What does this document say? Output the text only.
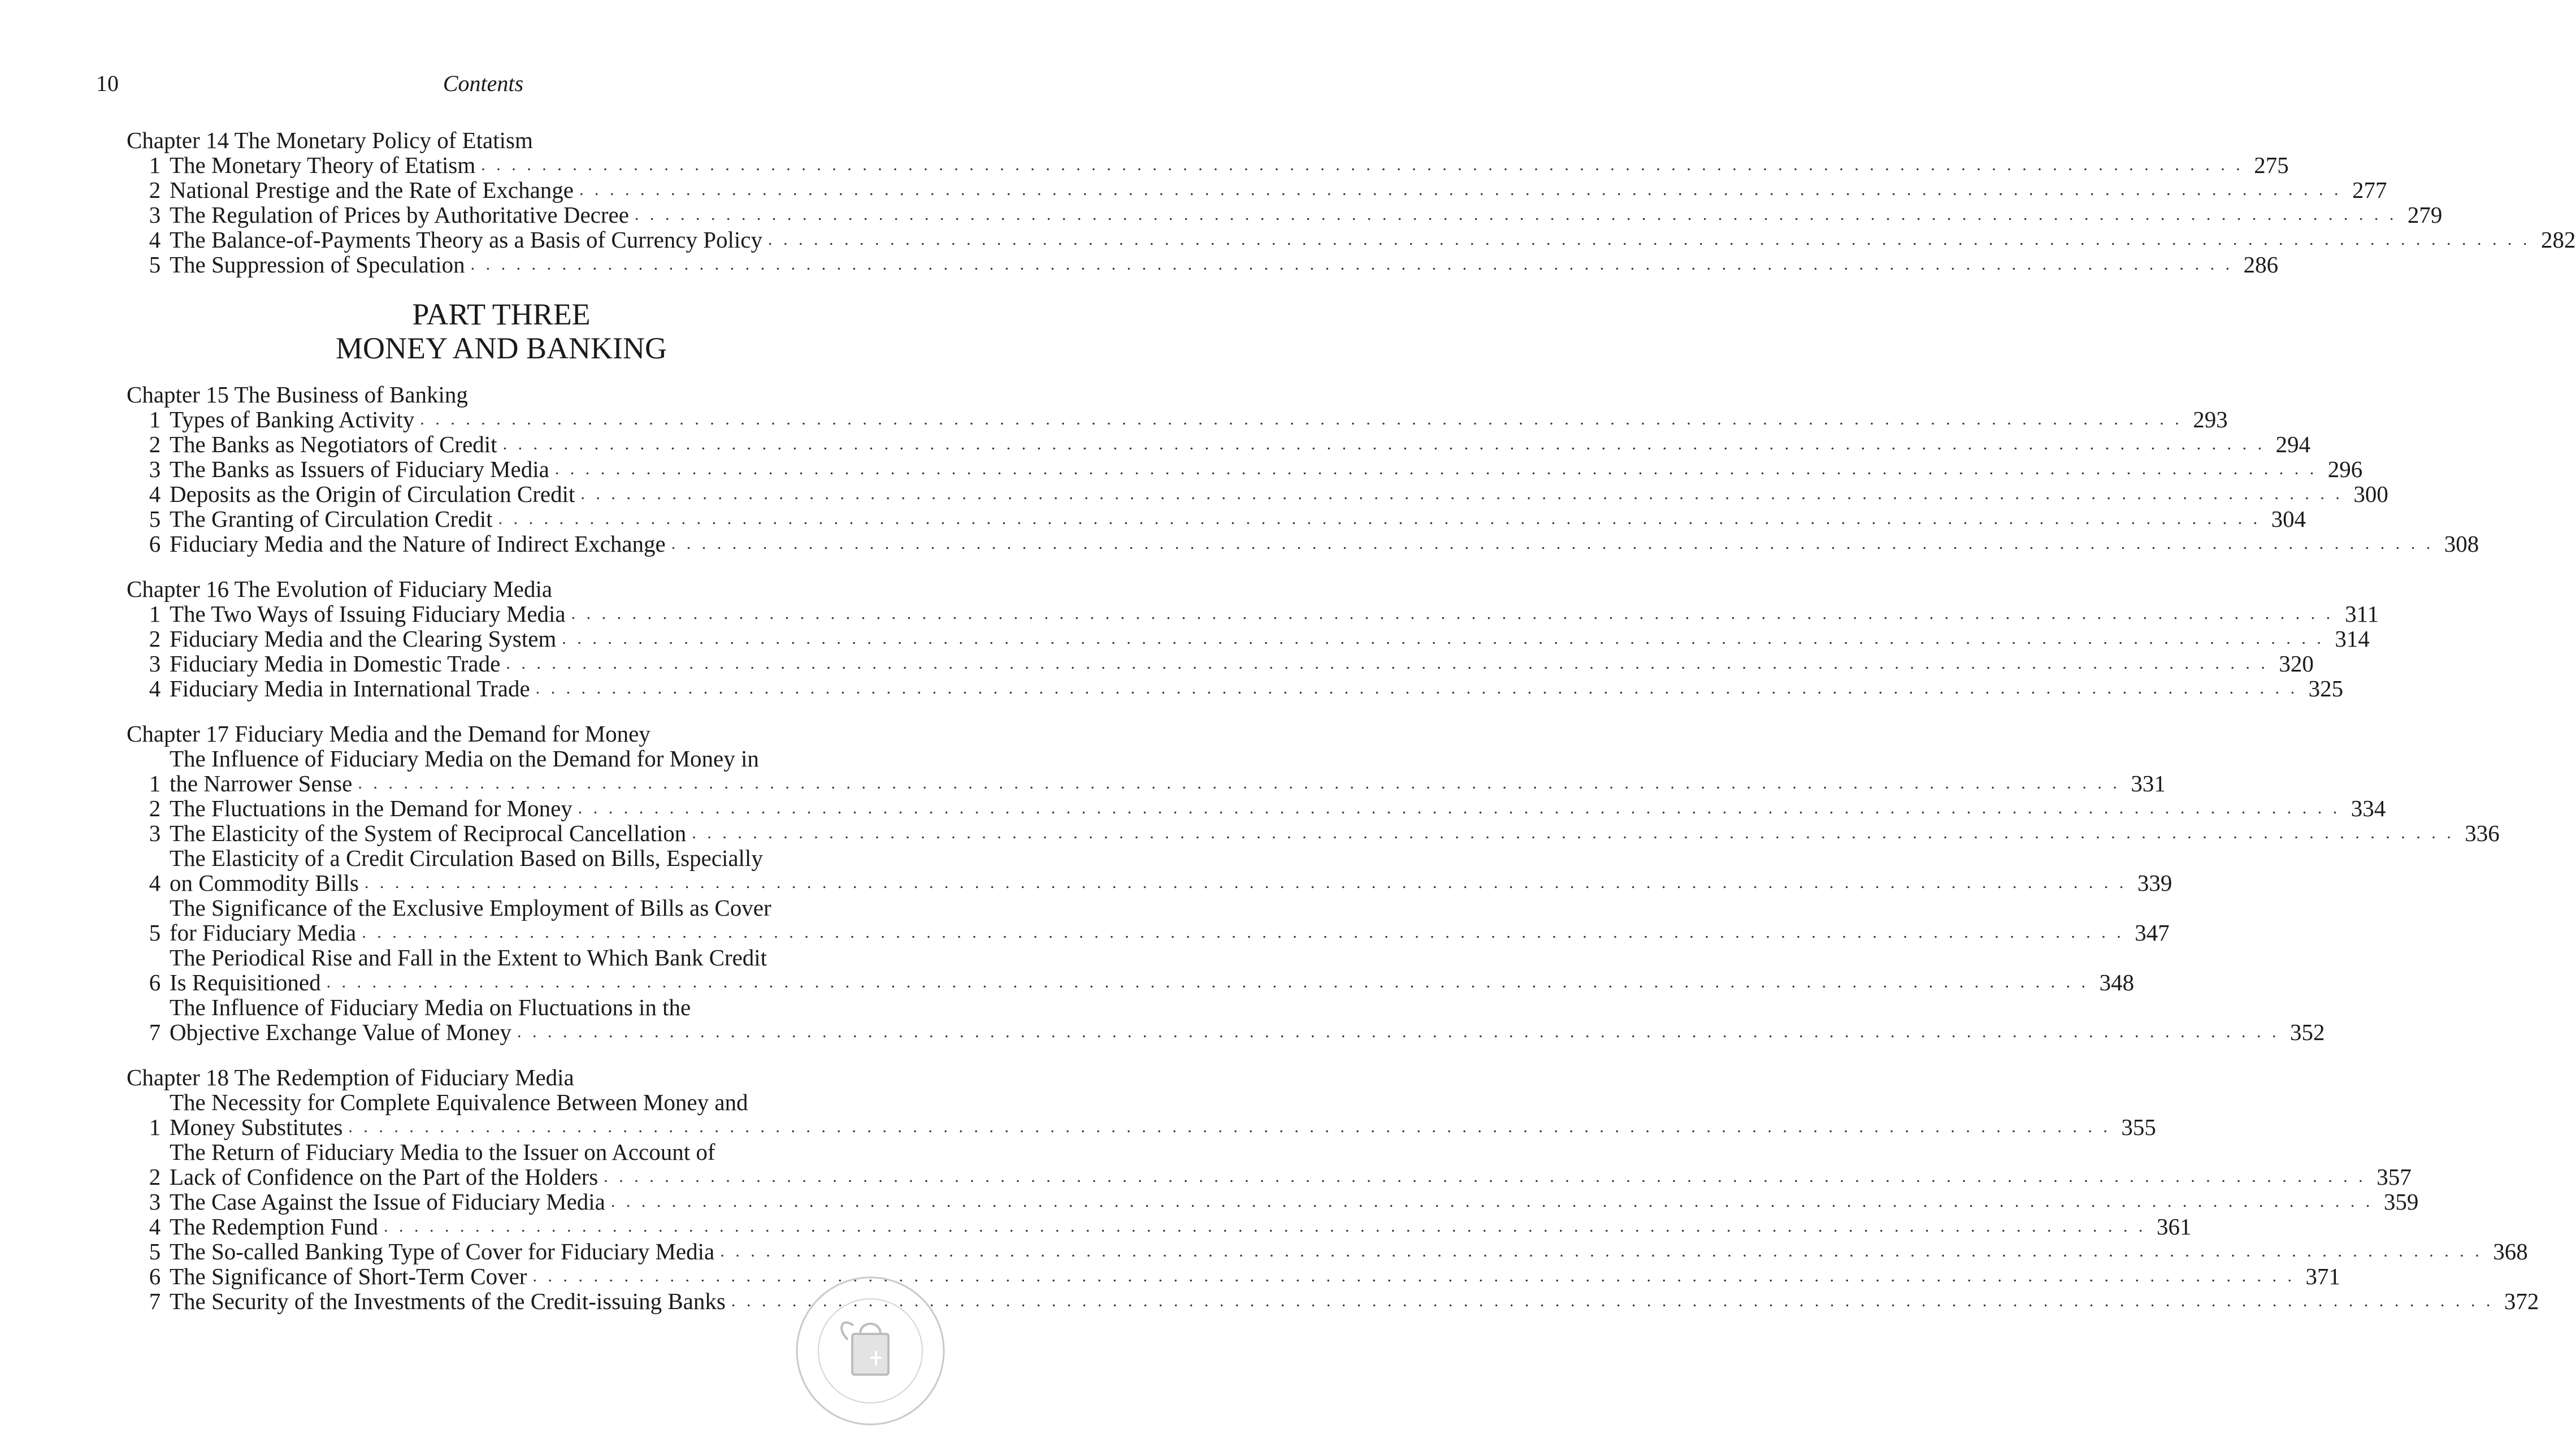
10	Contents
Chapter 14 The Monetary Policy of Etatism
1 The Monetary Theory of Etatism . . .	275
2 National Prestige and the Rate of Exchange . . .	277
3 The Regulation of Prices by Authoritative Decree . . .	279
4 The Balance-of-Payments Theory as a Basis of Currency Policy . . .	282
5 The Suppression of Speculation . . .	286
PART THREE
MONEY AND BANKING
Chapter 15 The Business of Banking
1 Types of Banking Activity . . .	293
2 The Banks as Negotiators of Credit . . .	294
3 The Banks as Issuers of Fiduciary Media . . .	296
4 Deposits as the Origin of Circulation Credit . . .	300
5 The Granting of Circulation Credit . . .	304
6 Fiduciary Media and the Nature of Indirect Exchange . . .	308
Chapter 16 The Evolution of Fiduciary Media
1 The Two Ways of Issuing Fiduciary Media . . .	311
2 Fiduciary Media and the Clearing System . . .	314
3 Fiduciary Media in Domestic Trade . . .	320
4 Fiduciary Media in International Trade . . .	325
Chapter 17 Fiduciary Media and the Demand for Money
1
The Influence of Fiduciary Media on the Demand for Money in
the Narrower Sense . . .	331
2 The Fluctuations in the Demand for Money . . .	334
3 The Elasticity of the System of Reciprocal Cancellation . . .	336
4
The Elasticity of a Credit Circulation Based on Bills, Especially
on Commodity Bills . . .	339
5
The Significance of the Exclusive Employment of Bills as Cover
for Fiduciary Media . . .	347
6
The Periodical Rise and Fall in the Extent to Which Bank Credit
Is Requisitioned . . .	348
7
The Influence of Fiduciary Media on Fluctuations in the
Objective Exchange Value of Money . . .	352
Chapter 18 The Redemption of Fiduciary Media
1
The Necessity for Complete Equivalence Between Money and
Money Substitutes . . .	355
2
The Return of Fiduciary Media to the Issuer on Account of
Lack of Confidence on the Part of the Holders . . .	357
3 The Case Against the Issue of Fiduciary Media . . .	359
4 The Redemption Fund . . .	361
5 The So-called Banking Type of Cover for Fiduciary Media . . .	368
6 The Significance of Short-Term Cover . . .	371
7 The Security of the Investments of the Credit-issuing Banks . . .	372
